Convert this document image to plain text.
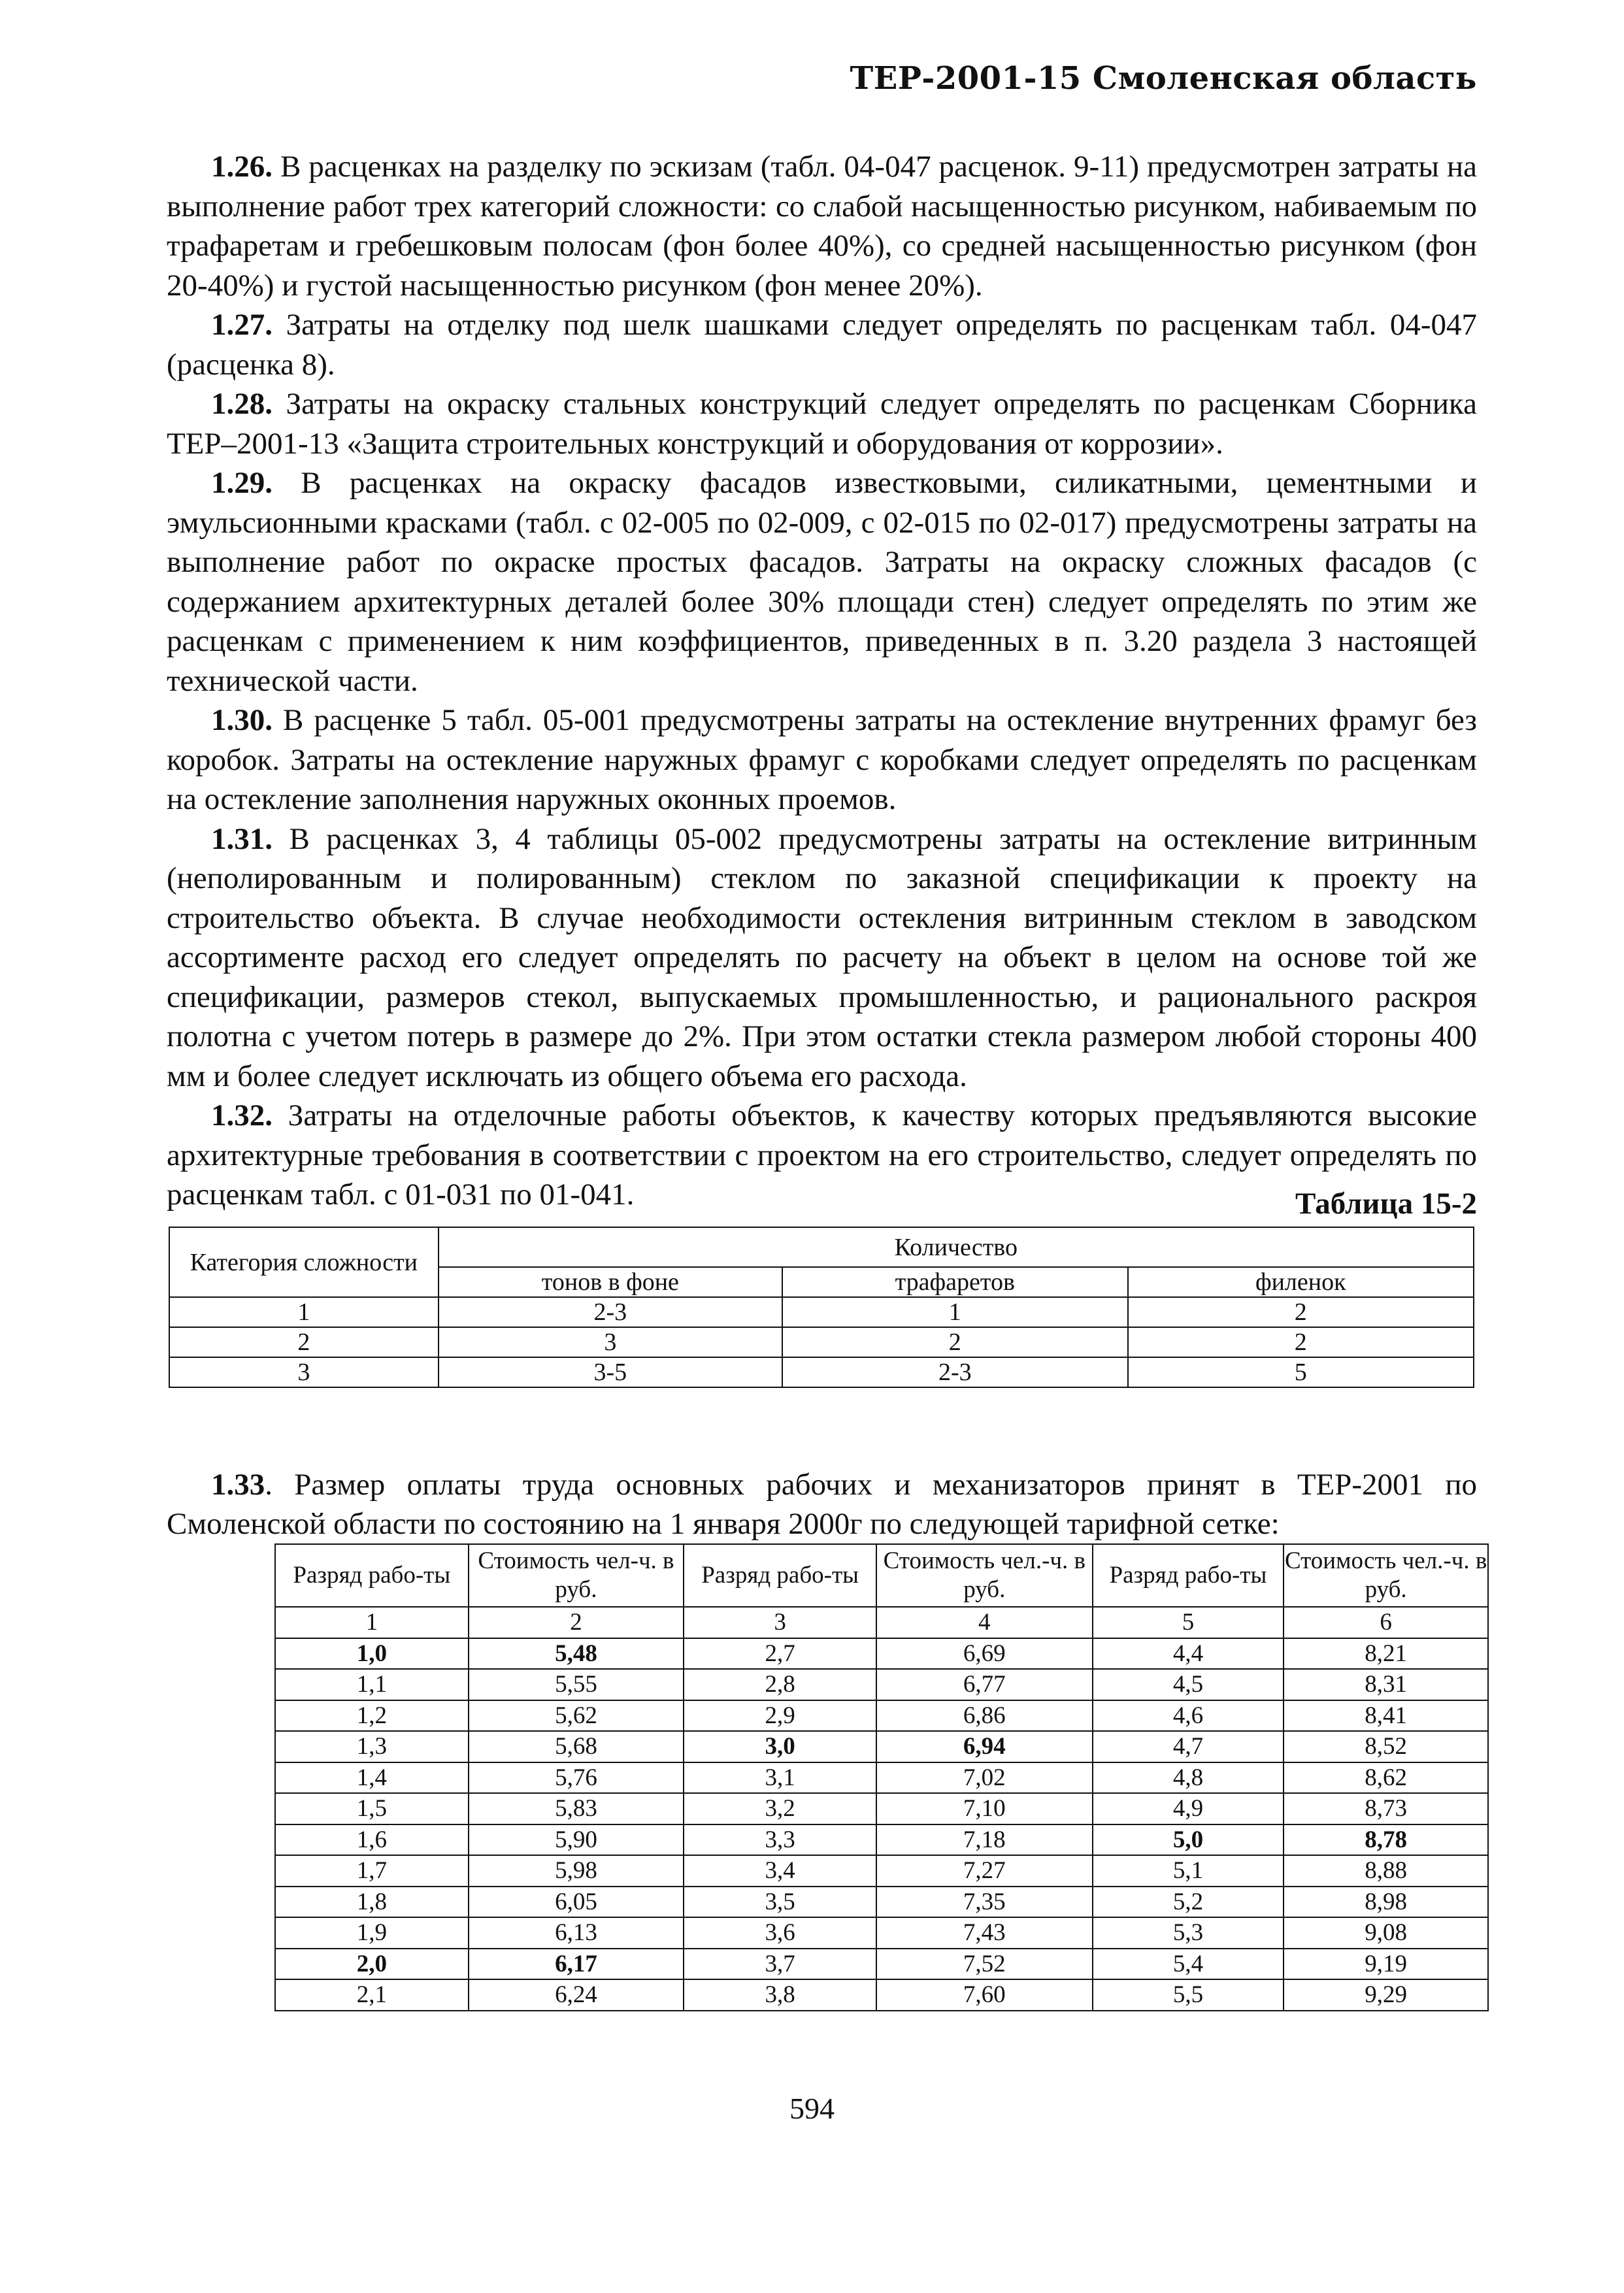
ТЕР-2001-15 Смоленская область

1.26. В расценках на разделку по эскизам (табл. 04-047 расценок. 9-11) предусмотрен затраты на выполнение работ трех категорий сложности: со слабой насыщенностью рисунком, набиваемым по трафаретам и гребешковым полосам (фон более 40%), со средней насыщенностью рисунком (фон 20-40%) и густой насыщенностью рисунком (фон менее 20%).

1.27. Затраты на отделку под шелк шашками следует определять по расценкам табл. 04-047 (расценка 8).

1.28. Затраты на окраску стальных конструкций следует определять по расценкам Сборника ТЕР–2001-13 «Защита строительных конструкций и оборудования от коррозии».

1.29. В расценках на окраску фасадов известковыми, силикатными, цементными и эмульсионными красками (табл. с 02-005 по 02-009, с 02-015 по 02-017) предусмотрены затраты на выполнение работ по окраске простых фасадов. Затраты на окраску сложных фасадов (с содержанием архитектурных деталей более 30% площади стен) следует определять по этим же расценкам с применением к ним коэффициентов, приведенных в п. 3.20 раздела 3 настоящей технической части.

1.30. В расценке 5 табл. 05-001 предусмотрены затраты на остекление внутренних фрамуг без коробок. Затраты на остекление наружных фрамуг с коробками следует определять по расценкам на остекление заполнения наружных оконных проемов.

1.31. В расценках 3, 4 таблицы 05-002 предусмотрены затраты на остекление витринным (неполированным и полированным) стеклом по заказной спецификации к проекту на строительство объекта. В случае необходимости остекления витринным стеклом в заводском ассортименте расход его следует определять по расчету на объект в целом на основе той же спецификации, размеров стекол, выпускаемых промышленностью, и рационального раскроя полотна с учетом потерь в размере до 2%. При этом остатки стекла размером любой стороны 400 мм и более следует исключать из общего объема его расхода.

1.32. Затраты на отделочные работы объектов, к качеству которых предъявляются высокие архитектурные требования в соответствии с проектом на его строительство, следует определять по расценкам табл. с 01-031 по 01-041.	Таблица 15-2
Категория сложности	Количество		
	тонов в фоне	трафаретов	филенок
1	2-3	1	2
2	3	2	2
3	3-5	2-3	5

1.33. Размер оплаты труда основных рабочих и механизаторов принят в ТЕР-2001 по Смоленской области по состоянию на 1 января 2000г по следующей тарифной сетке:

Разряд рабо-ты	Стоимость чел-ч. в руб.	Разряд рабо-ты	Стоимость чел.-ч. в руб.	Разряд рабо-ты	Стоимость чел.-ч. в руб.
1	2	3	4	5	6
1,0	5,48	2,7	6,69	4,4	8,21
1,1	5,55	2,8	6,77	4,5	8,31
1,2	5,62	2,9	6,86	4,6	8,41
1,3	5,68	3,0	6,94	4,7	8,52
1,4	5,76	3,1	7,02	4,8	8,62
1,5	5,83	3,2	7,10	4,9	8,73
1,6	5,90	3,3	7,18	5,0	8,78
1,7	5,98	3,4	7,27	5,1	8,88
1,8	6,05	3,5	7,35	5,2	8,98
1,9	6,13	3,6	7,43	5,3	9,08
2,0	6,17	3,7	7,52	5,4	9,19
2,1	6,24	3,8	7,60	5,5	9,29
594
